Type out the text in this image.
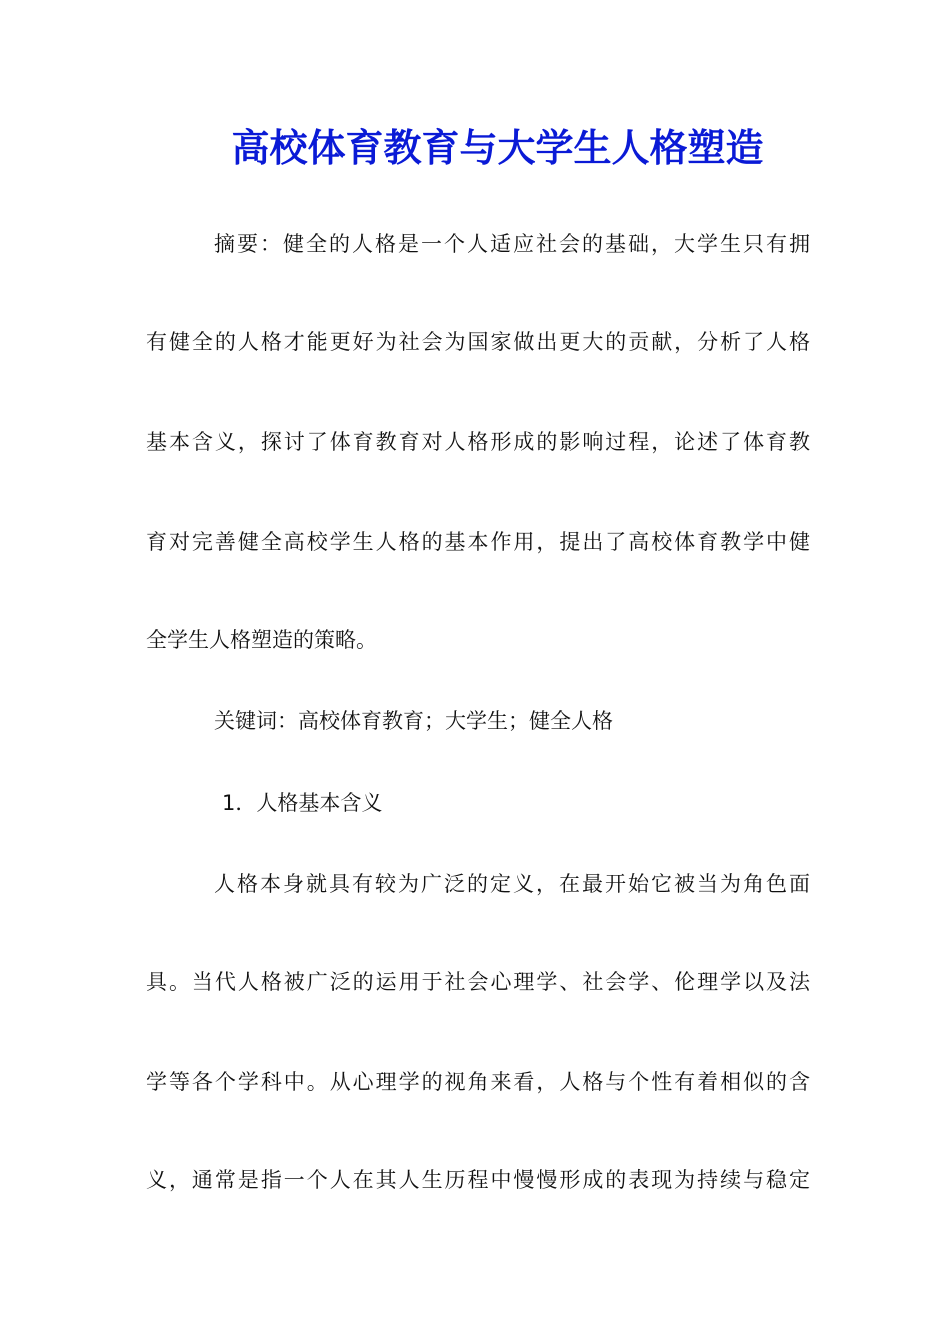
高校体育教育与大学生人格塑造

摘要：健全的人格是一个人适应社会的基础，大学生只有拥

有健全的人格才能更好为社会为国家做出更大的贡献，分析了人格

基本含义，探讨了体育教育对人格形成的影响过程，论述了体育教

育对完善健全高校学生人格的基本作用，提出了高校体育教学中健

全学生人格塑造的策略。

关键词：高校体育教育；大学生；健全人格

1．人格基本含义

人格本身就具有较为广泛的定义，在最开始它被当为角色面

具。当代人格被广泛的运用于社会心理学、社会学、伦理学以及法

学等各个学科中。从心理学的视角来看，人格与个性有着相似的含

义，通常是指一个人在其人生历程中慢慢形成的表现为持续与稳定
